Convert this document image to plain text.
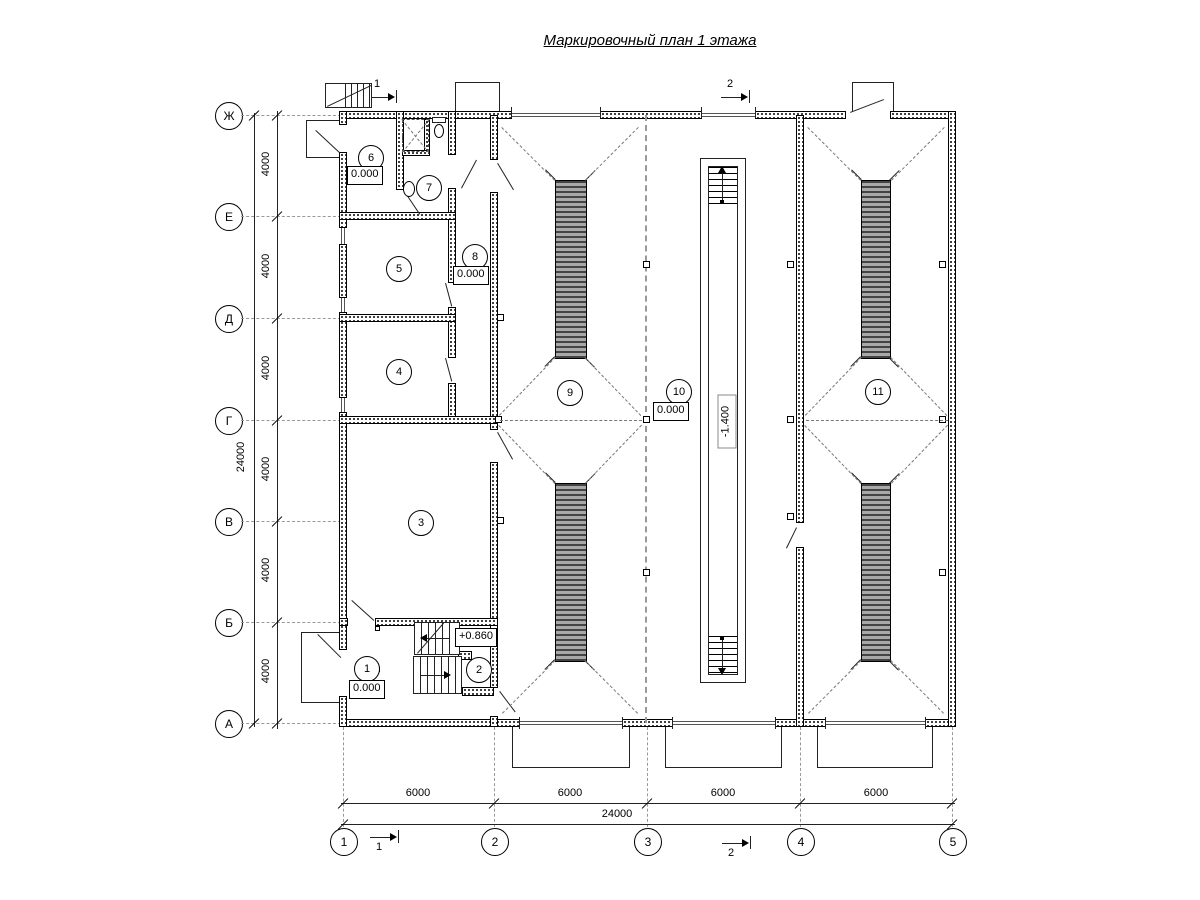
Маркировочный план 1 этажа
Ж
Е
Д
Г
В
Б
А
4000
4000
4000
4000
4000
4000
24000
1	2	3	4	5
6000	6000	6000	6000
24000
1	2
1	2
-1.400
1	2
3
4
5
6
7
8
9	10	11
0.000
0.000
0.000
0.000
+0.860
